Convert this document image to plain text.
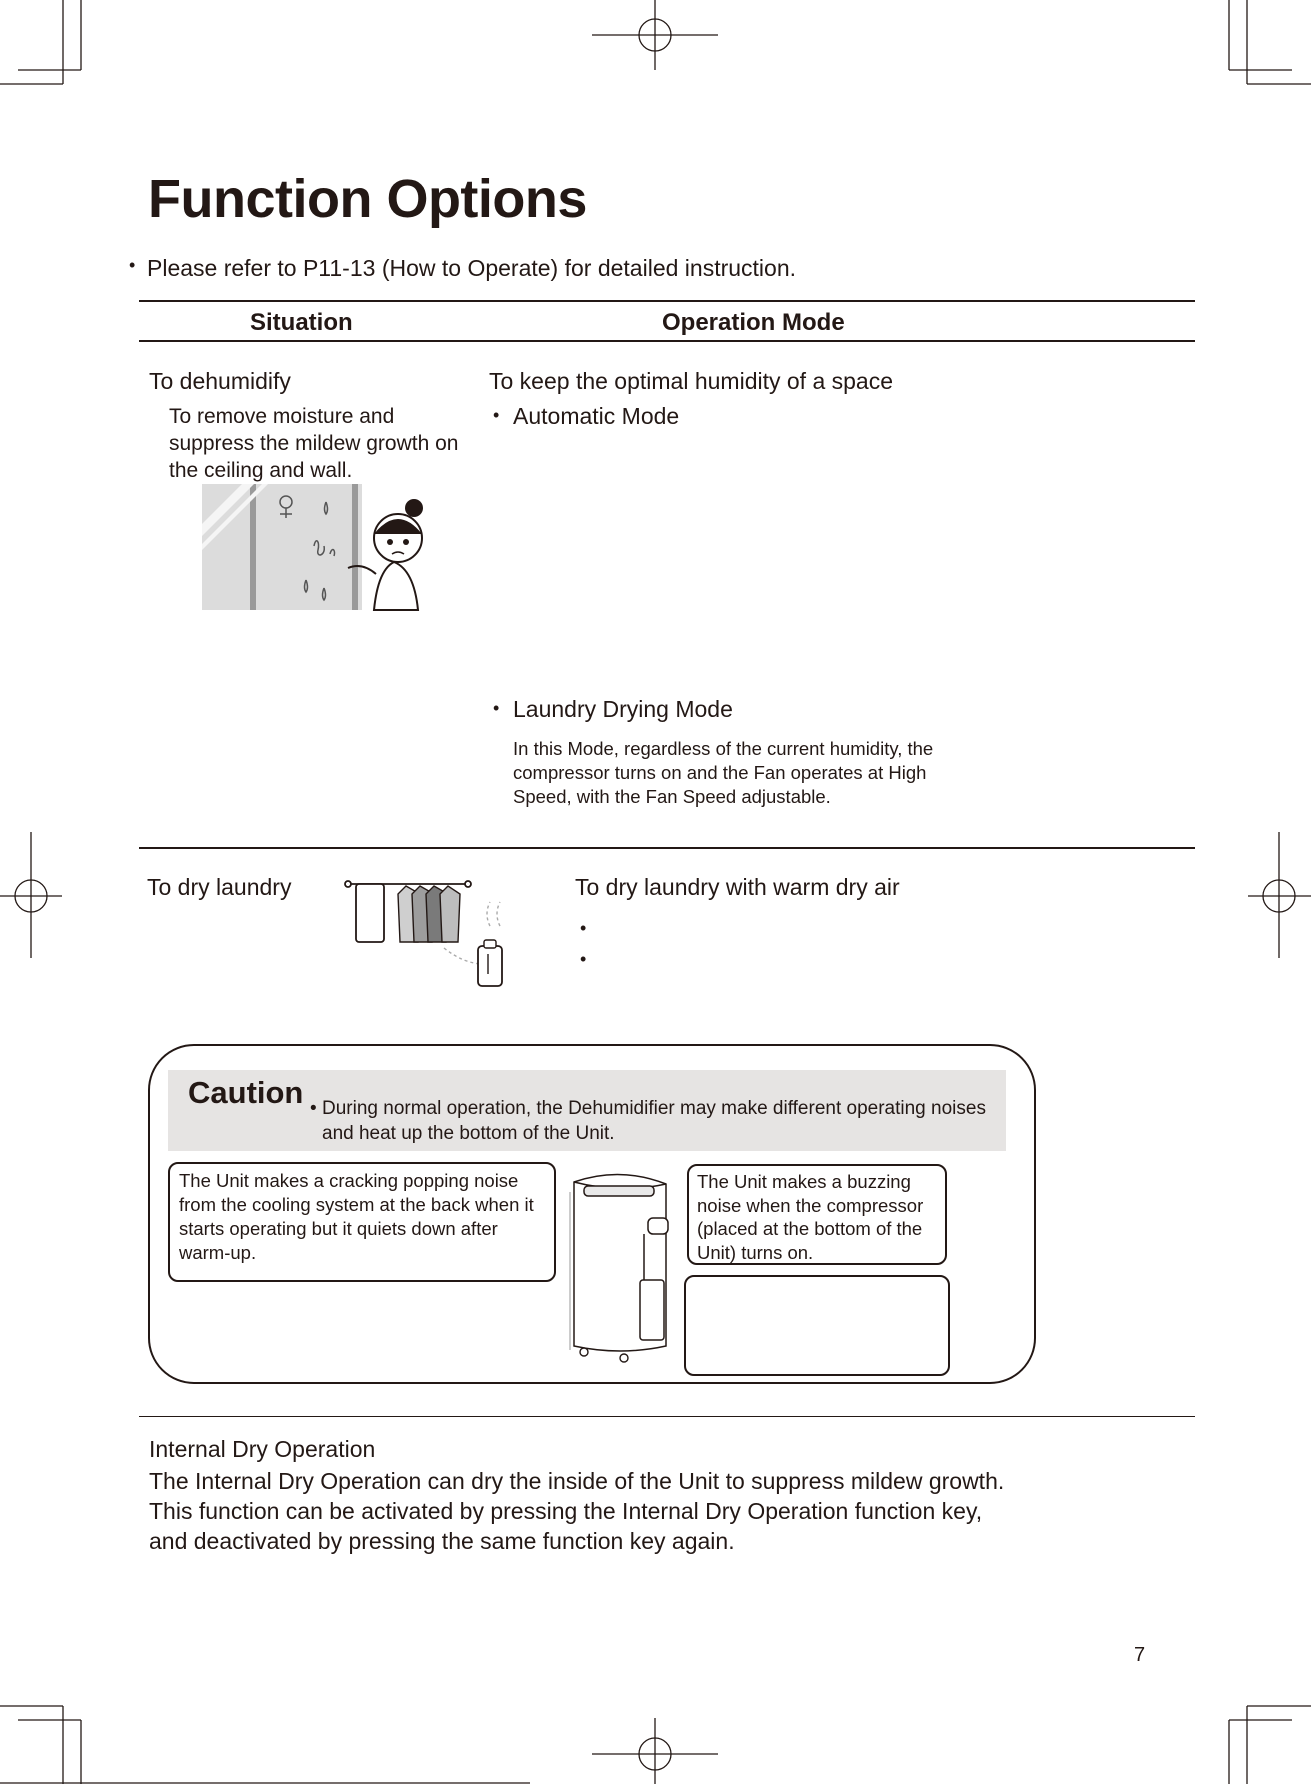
Function Options
• Please refer to P11-13 (How to Operate) for detailed instruction.
Situation	Operation Mode
To dehumidify
To remove moisture and suppress the mildew growth on the ceiling and wall.
To keep the optimal humidity of a space
• Automatic Mode
• Laundry Drying Mode
In this Mode, regardless of the current humidity, the compressor turns on and the Fan operates at High Speed, with the Fan Speed adjustable.
To dry laundry	To dry laundry with warm dry air
•
•
Caution • During normal operation, the Dehumidifier may make different operating noises and heat up the bottom of the Unit.
The Unit makes a cracking popping noise from the cooling system at the back when it starts operating but it quiets down after warm-up.
The Unit makes a buzzing noise when the compressor (placed at the bottom of the Unit) turns on.
Internal Dry Operation
The Internal Dry Operation can dry the inside of the Unit to suppress mildew growth.
This function can be activated by pressing the Internal Dry Operation function key,
and deactivated by pressing the same function key again.
7
